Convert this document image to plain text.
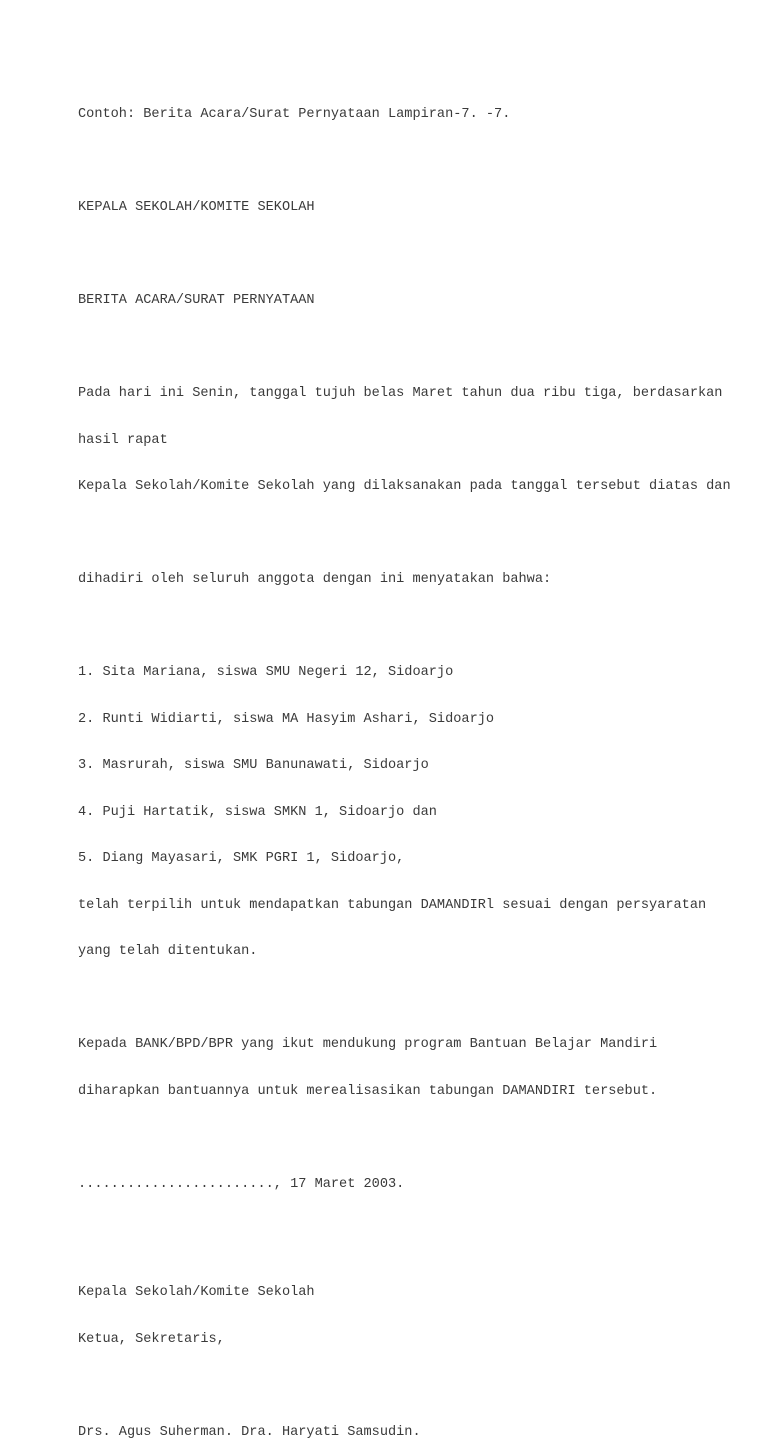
Contoh: Berita Acara/Surat Pernyataan Lampiran-7. -7.

KEPALA SEKOLAH/KOMITE SEKOLAH

BERITA ACARA/SURAT PERNYATAAN

Pada hari ini Senin, tanggal tujuh belas Maret tahun dua ribu tiga, berdasarkan

hasil rapat

Kepala Sekolah/Komite Sekolah yang dilaksanakan pada tanggal tersebut diatas dan

dihadiri oleh seluruh anggota dengan ini menyatakan bahwa:

1. Sita Mariana, siswa SMU Negeri 12, Sidoarjo

2. Runti Widiarti, siswa MA Hasyim Ashari, Sidoarjo

3. Masrurah, siswa SMU Banunawati, Sidoarjo

4. Puji Hartatik, siswa SMKN 1, Sidoarjo dan

5. Diang Mayasari, SMK PGRI 1, Sidoarjo,

telah terpilih untuk mendapatkan tabungan DAMANDIRl sesuai dengan persyaratan

yang telah ditentukan.

Kepada BANK/BPD/BPR yang ikut mendukung program Bantuan Belajar Mandiri

diharapkan bantuannya untuk merealisasikan tabungan DAMANDIRI tersebut.

........................, 17 Maret 2003.

Kepala Sekolah/Komite Sekolah

Ketua, Sekretaris,

Drs. Agus Suherman. Dra. Haryati Samsudin.
